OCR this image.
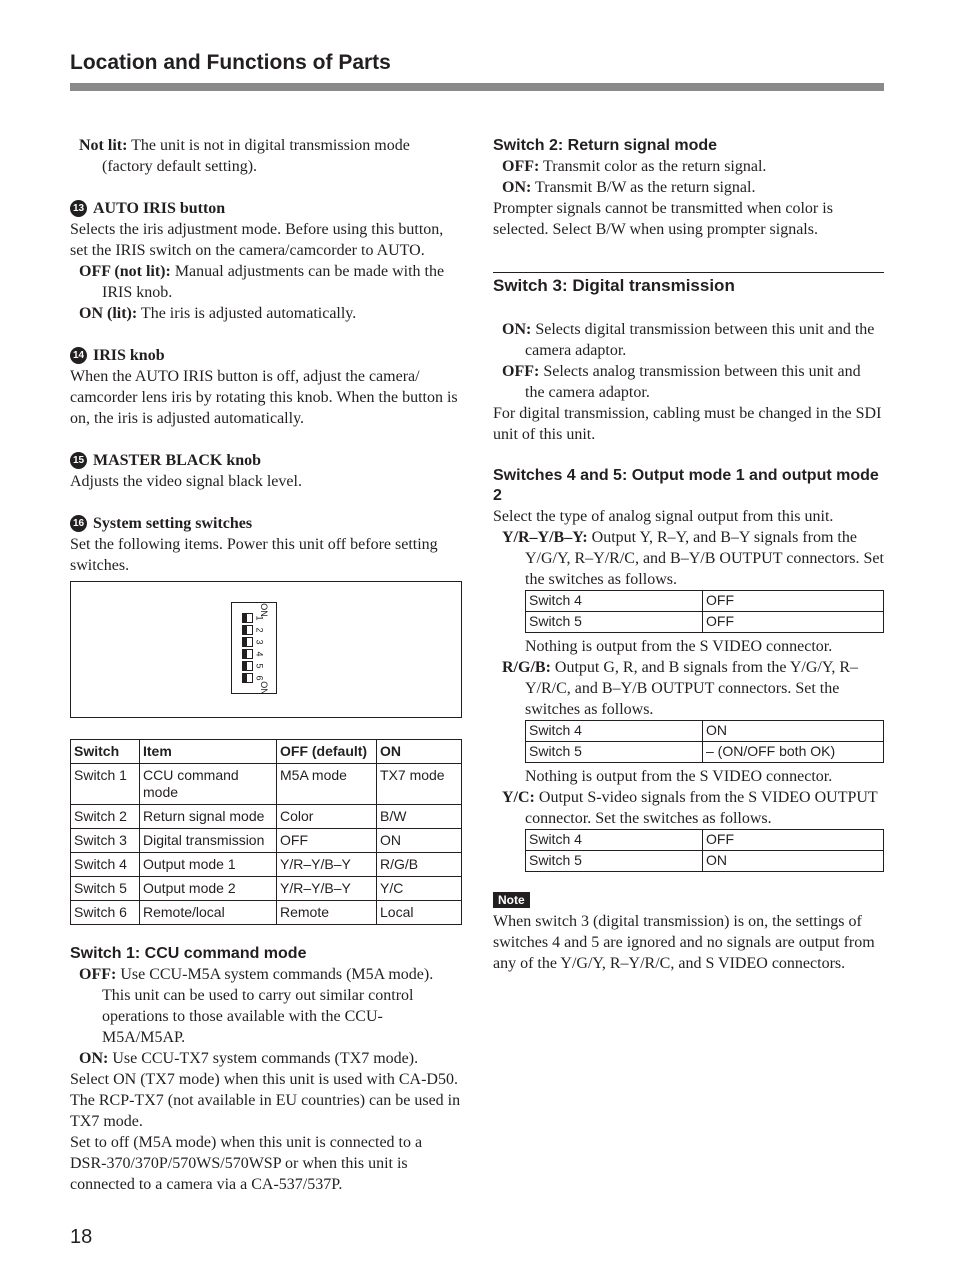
Location and Functions of Parts

Not lit: The unit is not in digital transmission mode (factory default setting).

13 AUTO IRIS button

Selects the iris adjustment mode. Before using this button, set the IRIS switch on the camera/camcorder to AUTO.

OFF (not lit): Manual adjustments can be made with the IRIS knob.

ON (lit): The iris is adjusted automatically.

14 IRIS knob

When the AUTO IRIS button is off, adjust the camera/ camcorder lens iris by rotating this knob. When the button is on, the iris is adjusted automatically.

15 MASTER BLACK knob

Adjusts the video signal black level.

16 System setting switches

Set the following items. Power this unit off before setting switches.

ON
1
2
3
4
5
6
ON
Switch	Item	OFF (default)	ON
Switch 1	CCU command mode	M5A mode	TX7 mode
Switch 2	Return signal mode	Color	B/W
Switch 3	Digital transmission	OFF	ON
Switch 4	Output mode 1	Y/R–Y/B–Y	R/G/B
Switch 5	Output mode 2	Y/R–Y/B–Y	Y/C
Switch 6	Remote/local	Remote	Local
Switch 1: CCU command mode

OFF: Use CCU-M5A system commands (M5A mode). This unit can be used to carry out similar control operations to those available with the CCU-M5A/M5AP.

ON: Use CCU-TX7 system commands (TX7 mode).

Select ON (TX7 mode) when this unit is used with CA-D50. The RCP-TX7 (not available in EU countries) can be used in TX7 mode.

Set to off (M5A mode) when this unit is connected to a DSR-370/370P/570WS/570WSP or when this unit is connected to a camera via a CA-537/537P.

Switch 2: Return signal mode

OFF: Transmit color as the return signal.

ON: Transmit B/W as the return signal.

Prompter signals cannot be transmitted when color is selected. Select B/W when using prompter signals.

Switch 3: Digital transmission

ON: Selects digital transmission between this unit and the camera adaptor.

OFF: Selects analog transmission between this unit and the camera adaptor.

For digital transmission, cabling must be changed in the SDI unit of this unit.

Switches 4 and 5: Output mode 1 and output mode 2

Select the type of analog signal output from this unit.

Y/R–Y/B–Y: Output Y, R–Y, and B–Y signals from the Y/G/Y, R–Y/R/C, and B–Y/B OUTPUT connectors. Set the switches as follows.

Switch 4	OFF
Switch 5	OFF

Nothing is output from the S VIDEO connector.

R/G/B: Output G, R, and B signals from the Y/G/Y, R–Y/R/C, and B–Y/B OUTPUT connectors. Set the switches as follows.

Switch 4	ON
Switch 5	– (ON/OFF both OK)

Nothing is output from the S VIDEO connector.

Y/C: Output S-video signals from the S VIDEO OUTPUT connector. Set the switches as follows.

Switch 4	OFF
Switch 5	ON
Note

When switch 3 (digital transmission) is on, the settings of switches 4 and 5 are ignored and no signals are output from any of the Y/G/Y, R–Y/R/C, and S VIDEO connectors.

18
